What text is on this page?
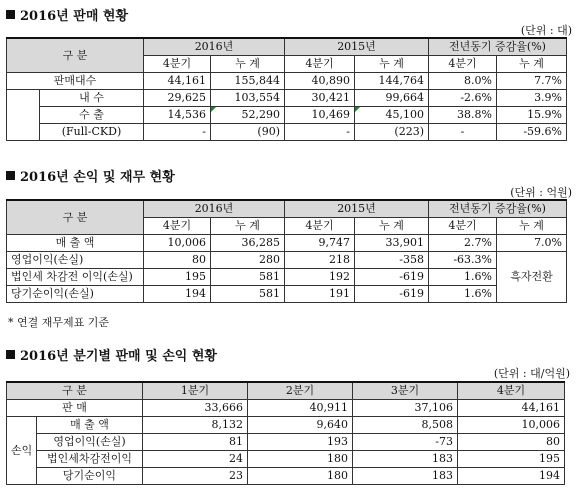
2016년 판매 현황
(단위 : 대)
구 분		2016년		2015년		전년동기 증감율(%)	
		4분기	누 계	4분기	누 계	4분기	누 계
판매대수		44,161	155,844	40,890	144,764	8.0%	7.7%
	내 수	29,625	103,554	30,421	99,664	-2.6%	3.9%
	수 출	14,536	52,290	10,469	45,100	38.8%	15.9%
	(Full-CKD)	-	(90)	-	(223)	-	-59.6%
2016년 손익 및 재무 현황
(단위 : 억원)
구 분	2016년		2015년		전년동기 증감율(%)	
	4분기	누 계	4분기	누 계	4분기	누 계
매 출 액	10,006	36,285	9,747	33,901	2.7%	7.0%
영업이익(손실)	80	280	218	-358	-63.3%	흑자전환
법인세 차감전 이익(손실)	195	581	192	-619	1.6%	
당기순이익(손실)	194	581	191	-619	1.6%	
* 연결 재무제표 기준
2016년 분기별 판매 및 손익 현황
(단위 : 대/억원)
구 분		1분기	2분기	3분기	4분기
판 매		33,666	40,911	37,106	44,161
손익	매 출 액	8,132	9,640	8,508	10,006
	영업이익(손실)	81	193	-73	80
	법인세차감전이익	24	180	183	195
	당기순이익	23	180	183	194
